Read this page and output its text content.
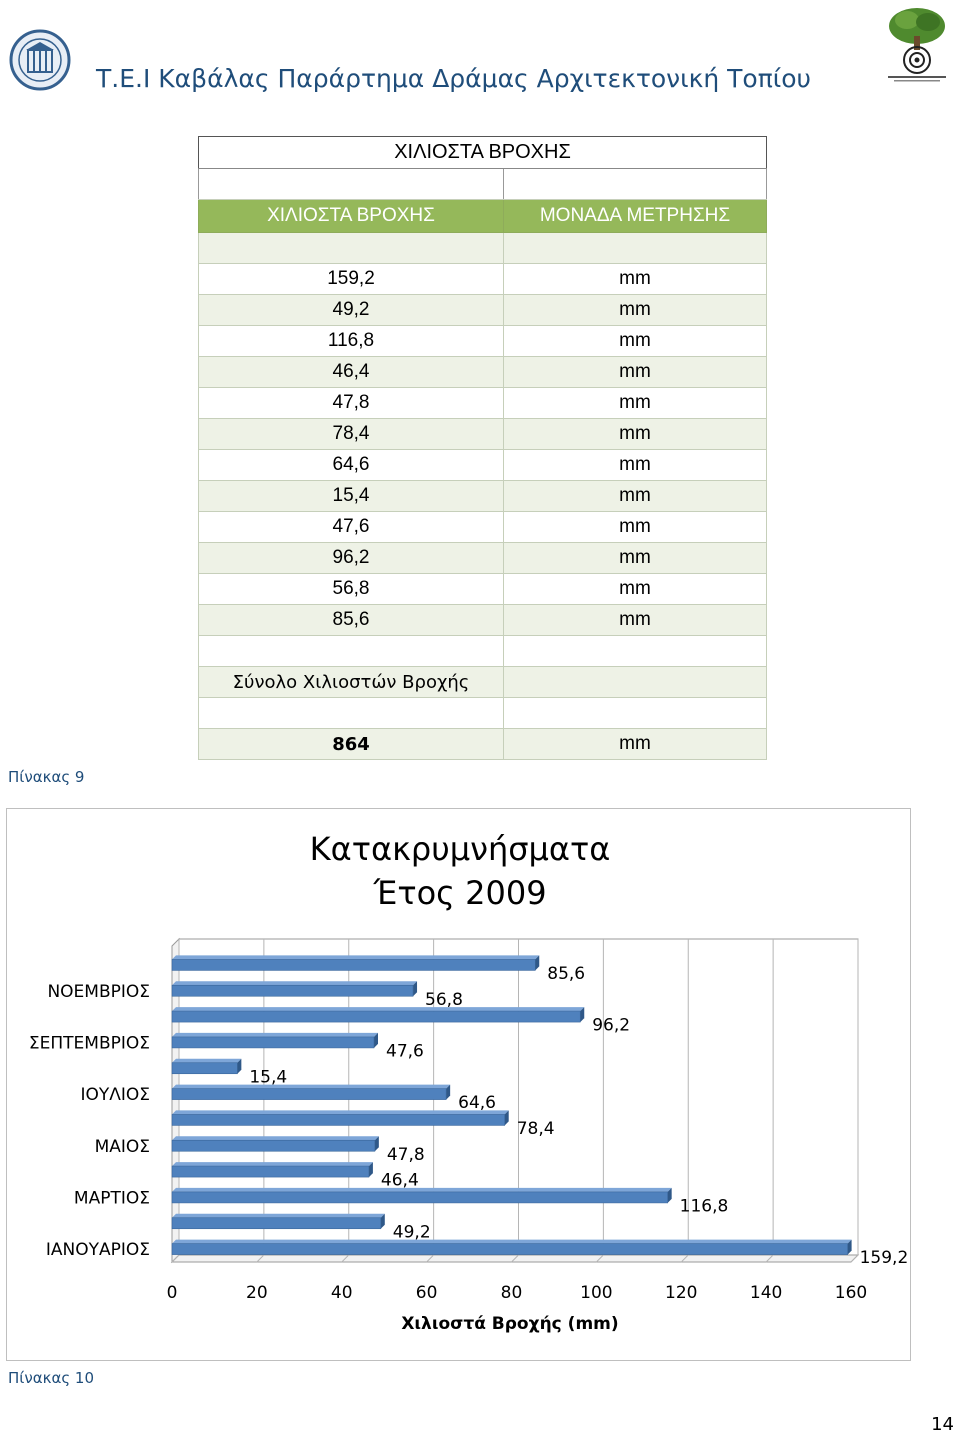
Τ.Ε.Ι Καβάλας Παράρτημα Δράμας Αρχιτεκτονική Τοπίου
ΧΙΛΙΟΣΤΑ ΒΡΟΧΗΣ	

ΧΙΛΙΟΣΤΑ ΒΡΟΧΗΣ	ΜΟΝΑΔΑ ΜΕΤΡΗΣΗΣ

159,2	mm
49,2	mm
116,8	mm
46,4	mm
47,8	mm
78,4	mm
64,6	mm
15,4	mm
47,6	mm
96,2	mm
56,8	mm
85,6	mm

Σύνολο Χιλιοστών Βροχής	

864	mm
Πίνακας 9
Κατακρυμνήσματα
Έτος 2009
0	20	40	60	80	100	120	140	160
Χιλιοστά Βροχής (mm)
159,2
49,2
116,8
46,4
47,8
78,4
64,6
15,4
47,6
96,2
56,8
85,6
ΙΑΝΟΥΑΡΙΟΣ
ΜΑΡΤΙΟΣ
ΜΑΙΟΣ
ΙΟΥΛΙΟΣ
ΣΕΠΤΕΜΒΡΙΟΣ
ΝΟΕΜΒΡΙΟΣ
Πίνακας 10
14
